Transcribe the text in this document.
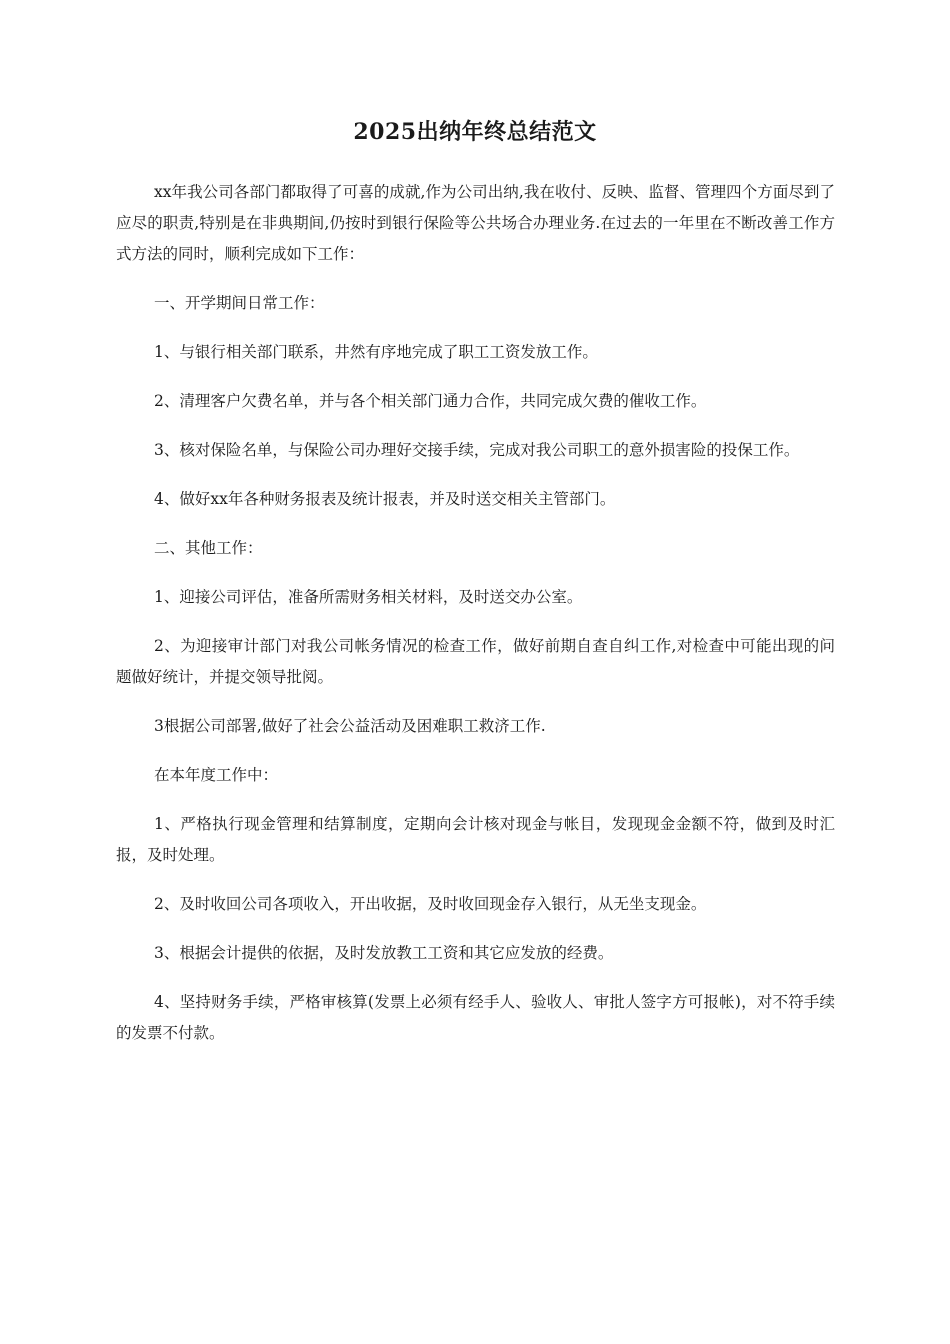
2025出纳年终总结范文

xx年我公司各部门都取得了可喜的成就,作为公司出纳,我在收付、反映、监督、管理四个方面尽到了应尽的职责,特别是在非典期间,仍按时到银行保险等公共场合办理业务.在过去的一年里在不断改善工作方式方法的同时，顺利完成如下工作：

一、开学期间日常工作：

1、与银行相关部门联系，井然有序地完成了职工工资发放工作。

2、清理客户欠费名单，并与各个相关部门通力合作，共同完成欠费的催收工作。

3、核对保险名单，与保险公司办理好交接手续，完成对我公司职工的意外损害险的投保工作。

4、做好xx年各种财务报表及统计报表，并及时送交相关主管部门。

二、其他工作：

1、迎接公司评估，准备所需财务相关材料，及时送交办公室。

2、为迎接审计部门对我公司帐务情况的检查工作，做好前期自查自纠工作,对检查中可能出现的问题做好统计，并提交领导批阅。

3根据公司部署,做好了社会公益活动及困难职工救济工作.

在本年度工作中：

1、严格执行现金管理和结算制度，定期向会计核对现金与帐目，发现现金金额不符，做到及时汇报，及时处理。

2、及时收回公司各项收入，开出收据，及时收回现金存入银行，从无坐支现金。

3、根据会计提供的依据，及时发放教工工资和其它应发放的经费。

4、坚持财务手续，严格审核算(发票上必须有经手人、验收人、审批人签字方可报帐)，对不符手续的发票不付款。
